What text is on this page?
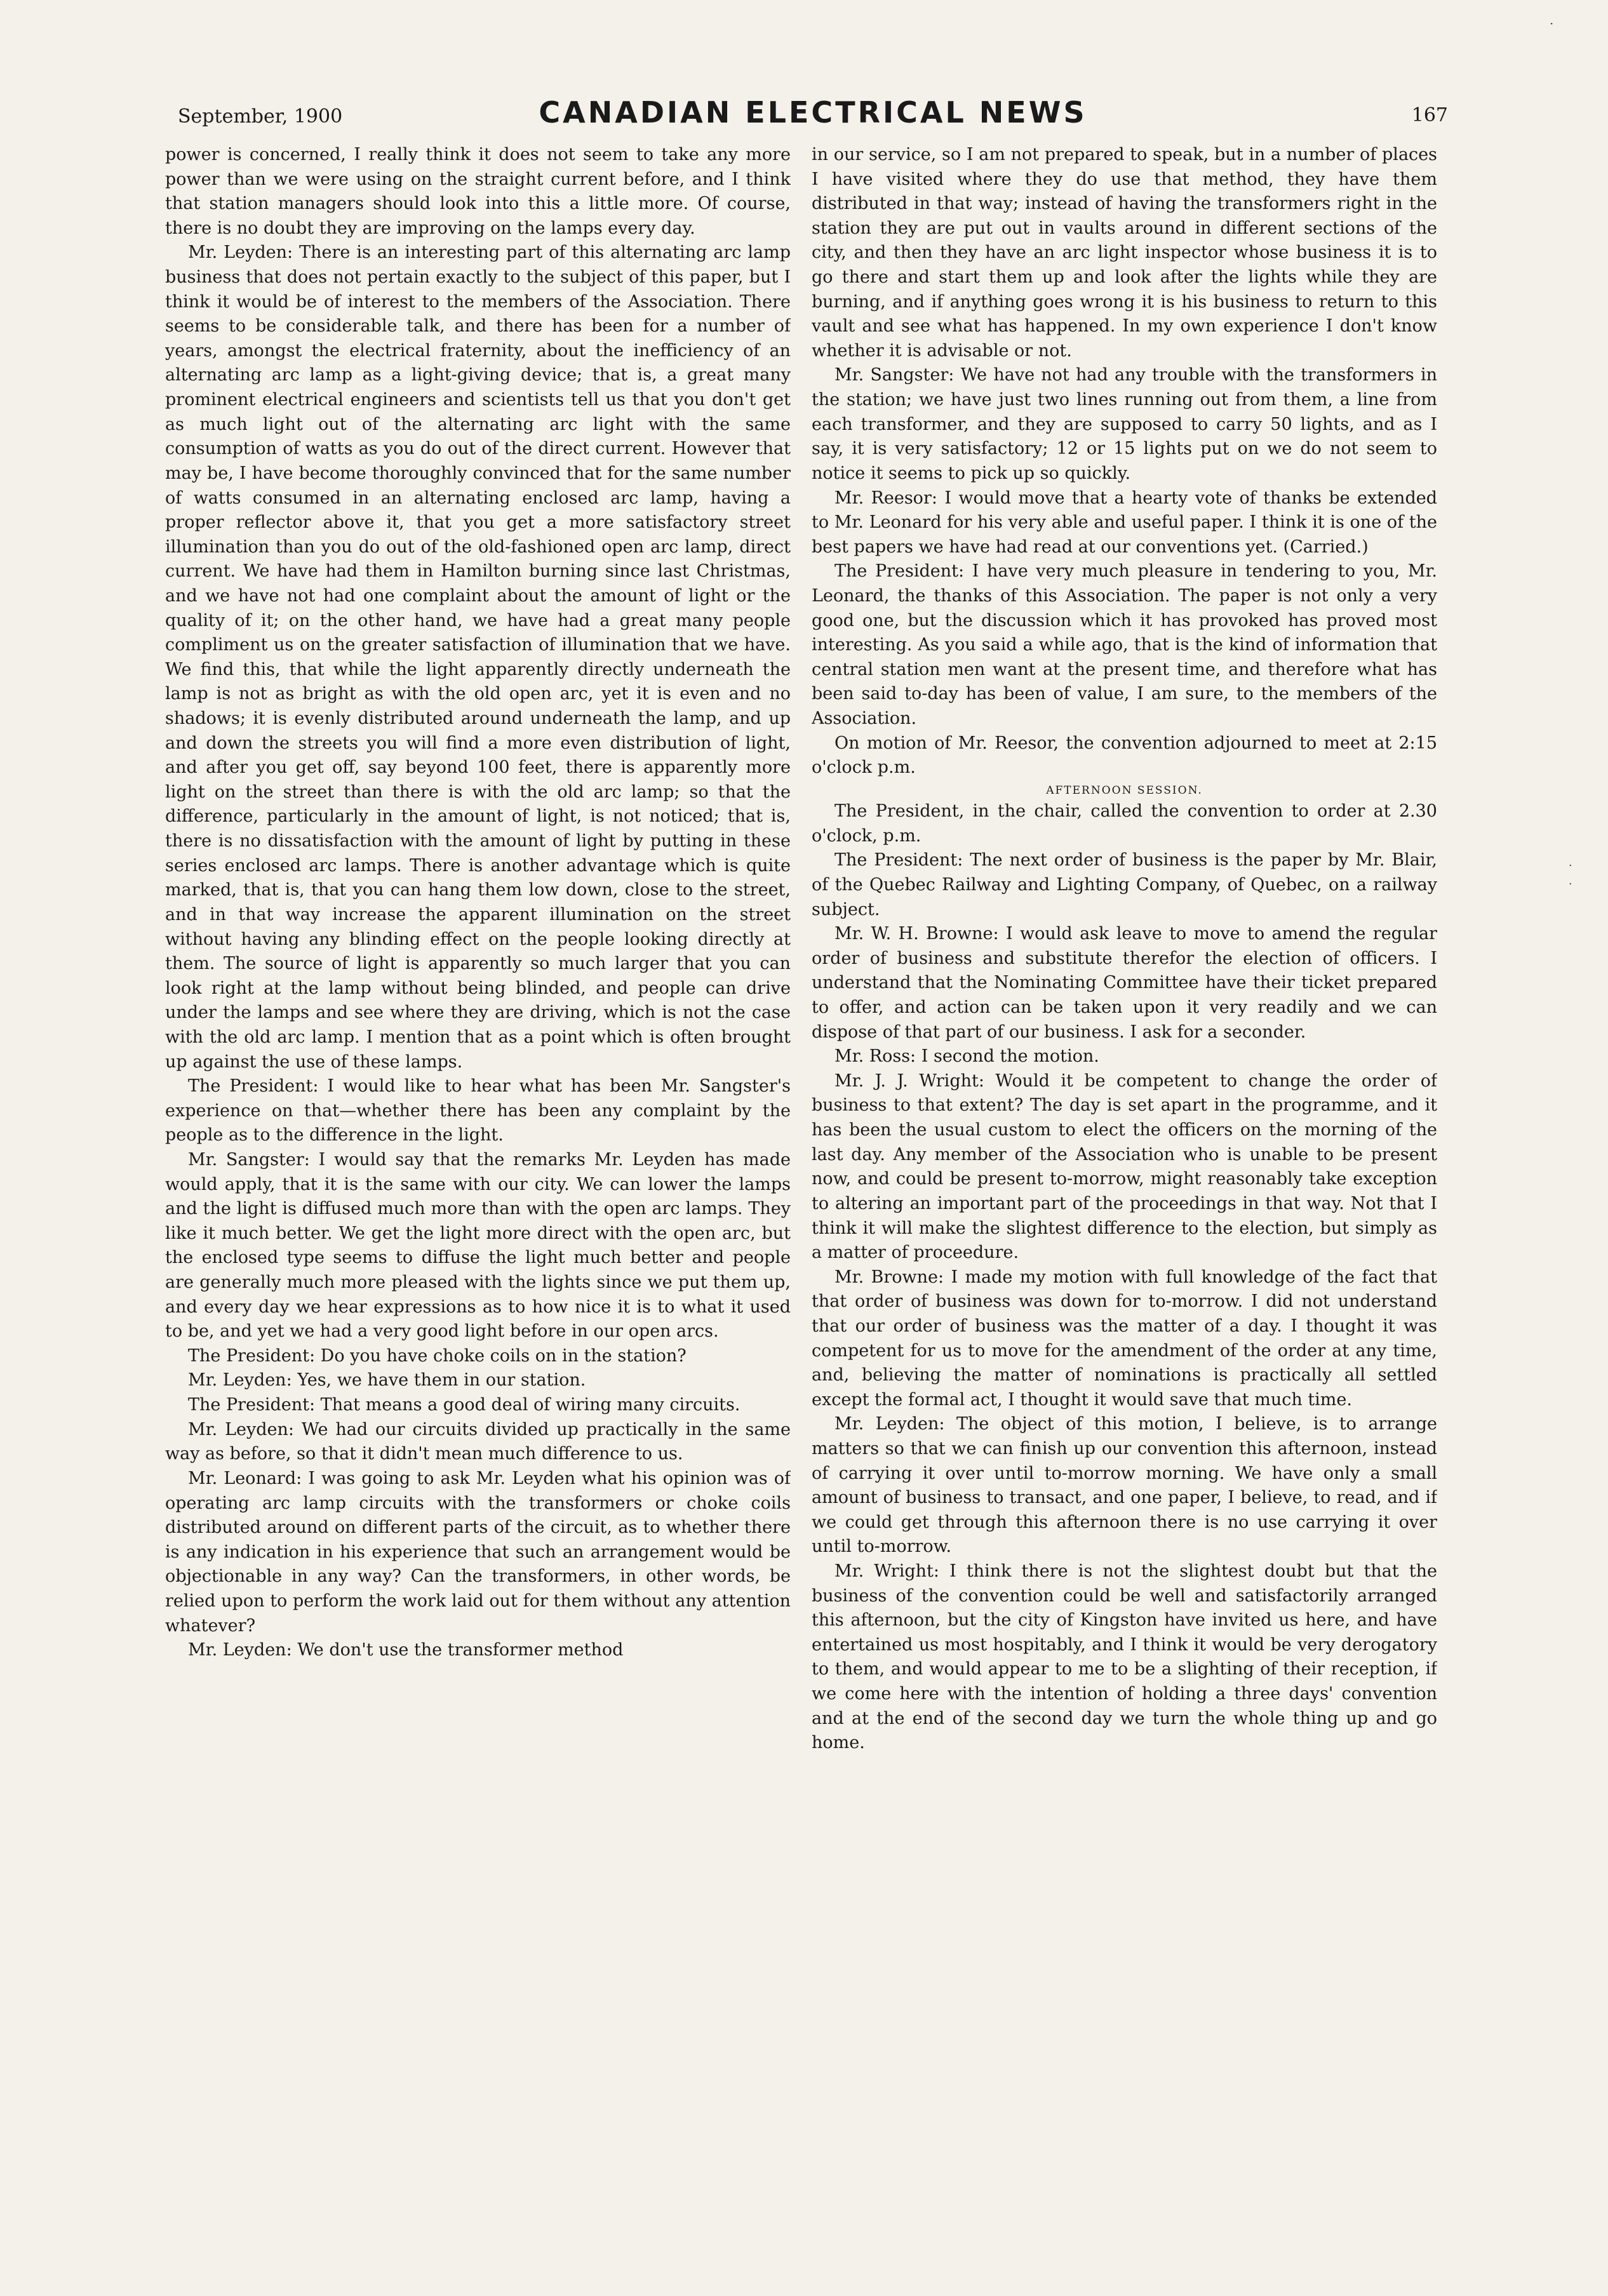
·
·
·
September, 1900	CANADIAN ELECTRICAL NEWS	167

power is concerned, I really think it does not seem to take any more power than we were using on the straight current before, and I think that station managers should look into this a little more. Of course, there is no doubt they are improving on the lamps every day.

Mr. Leyden: There is an interesting part of this alternating arc lamp business that does not pertain exactly to the subject of this paper, but I think it would be of interest to the members of the Association. There seems to be considerable talk, and there has been for a number of years, amongst the electrical fraternity, about the inefficiency of an alternating arc lamp as a light-giving device; that is, a great many prominent electrical engineers and scientists tell us that you don't get as much light out of the alternating arc light with the same consumption of watts as you do out of the direct current. However that may be, I have become thoroughly convinced that for the same number of watts consumed in an alternating enclosed arc lamp, having a proper reflector above it, that you get a more satisfactory street illumination than you do out of the old-fashioned open arc lamp, direct current. We have had them in Hamilton burning since last Christmas, and we have not had one complaint about the amount of light or the quality of it; on the other hand, we have had a great many people compliment us on the greater satisfaction of illumination that we have. We find this, that while the light apparently directly underneath the lamp is not as bright as with the old open arc, yet it is even and no shadows; it is evenly distributed around underneath the lamp, and up and down the streets you will find a more even distribution of light, and after you get off, say beyond 100 feet, there is apparently more light on the street than there is with the old arc lamp; so that the difference, particularly in the amount of light, is not noticed; that is, there is no dissatisfaction with the amount of light by putting in these series enclosed arc lamps. There is another advantage which is quite marked, that is, that you can hang them low down, close to the street, and in that way increase the apparent illumination on the street without having any blinding effect on the people looking directly at them. The source of light is apparently so much larger that you can look right at the lamp without being blinded, and people can drive under the lamps and see where they are driving, which is not the case with the old arc lamp. I mention that as a point which is often brought up against the use of these lamps.

The President: I would like to hear what has been Mr. Sangster's experience on that—whether there has been any complaint by the people as to the difference in the light.

Mr. Sangster: I would say that the remarks Mr. Leyden has made would apply, that it is the same with our city. We can lower the lamps and the light is diffused much more than with the open arc lamps. They like it much better. We get the light more direct with the open arc, but the enclosed type seems to diffuse the light much better and people are generally much more pleased with the lights since we put them up, and every day we hear expressions as to how nice it is to what it used to be, and yet we had a very good light before in our open arcs.

The President: Do you have choke coils on in the station?

Mr. Leyden: Yes, we have them in our station.

The President: That means a good deal of wiring many circuits.

Mr. Leyden: We had our circuits divided up practically in the same way as before, so that it didn't mean much difference to us.

Mr. Leonard: I was going to ask Mr. Leyden what his opinion was of operating arc lamp circuits with the transformers or choke coils distributed around on different parts of the circuit, as to whether there is any indication in his experience that such an arrangement would be objectionable in any way? Can the transformers, in other words, be relied upon to perform the work laid out for them without any attention whatever?

Mr. Leyden: We don't use the transformer method

in our service, so I am not prepared to speak, but in a number of places I have visited where they do use that method, they have them distributed in that way; instead of having the transformers right in the station they are put out in vaults around in different sections of the city, and then they have an arc light inspector whose business it is to go there and start them up and look after the lights while they are burning, and if anything goes wrong it is his business to return to this vault and see what has happened. In my own experience I don't know whether it is advisable or not.

Mr. Sangster: We have not had any trouble with the transformers in the station; we have just two lines running out from them, a line from each transformer, and they are supposed to carry 50 lights, and as I say, it is very satisfactory; 12 or 15 lights put on we do not seem to notice it seems to pick up so quickly.

Mr. Reesor: I would move that a hearty vote of thanks be extended to Mr. Leonard for his very able and useful paper. I think it is one of the best papers we have had read at our conventions yet. (Carried.)

The President: I have very much pleasure in tendering to you, Mr. Leonard, the thanks of this Association. The paper is not only a very good one, but the discussion which it has provoked has proved most interesting. As you said a while ago, that is the kind of information that central station men want at the present time, and therefore what has been said to-day has been of value, I am sure, to the members of the Association.

On motion of Mr. Reesor, the convention adjourned to meet at 2:15 o'clock p.m.

AFTERNOON SESSION.

The President, in the chair, called the convention to order at 2.30 o'clock, p.m.

The President: The next order of business is the paper by Mr. Blair, of the Quebec Railway and Lighting Company, of Quebec, on a railway subject.

Mr. W. H. Browne: I would ask leave to move to amend the regular order of business and substitute therefor the election of officers. I understand that the Nominating Committee have their ticket prepared to offer, and action can be taken upon it very readily and we can dispose of that part of our business. I ask for a seconder.

Mr. Ross: I second the motion.

Mr. J. J. Wright: Would it be competent to change the order of business to that extent? The day is set apart in the programme, and it has been the usual custom to elect the officers on the morning of the last day. Any member of the Association who is unable to be present now, and could be present to-morrow, might reasonably take exception to altering an important part of the proceedings in that way. Not that I think it will make the slightest difference to the election, but simply as a matter of proceedure.

Mr. Browne: I made my motion with full knowledge of the fact that that order of business was down for to-morrow. I did not understand that our order of business was the matter of a day. I thought it was competent for us to move for the amendment of the order at any time, and, believing the matter of nominations is practically all settled except the formal act, I thought it would save that much time.

Mr. Leyden: The object of this motion, I believe, is to arrange matters so that we can finish up our convention this afternoon, instead of carrying it over until to-morrow morning. We have only a small amount of business to transact, and one paper, I believe, to read, and if we could get through this afternoon there is no use carrying it over until to-morrow.

Mr. Wright: I think there is not the slightest doubt but that the business of the convention could be well and satisfactorily arranged this afternoon, but the city of Kingston have invited us here, and have entertained us most hospitably, and I think it would be very derogatory to them, and would appear to me to be a slighting of their reception, if we come here with the intention of holding a three days' convention and at the end of the second day we turn the whole thing up and go home.
